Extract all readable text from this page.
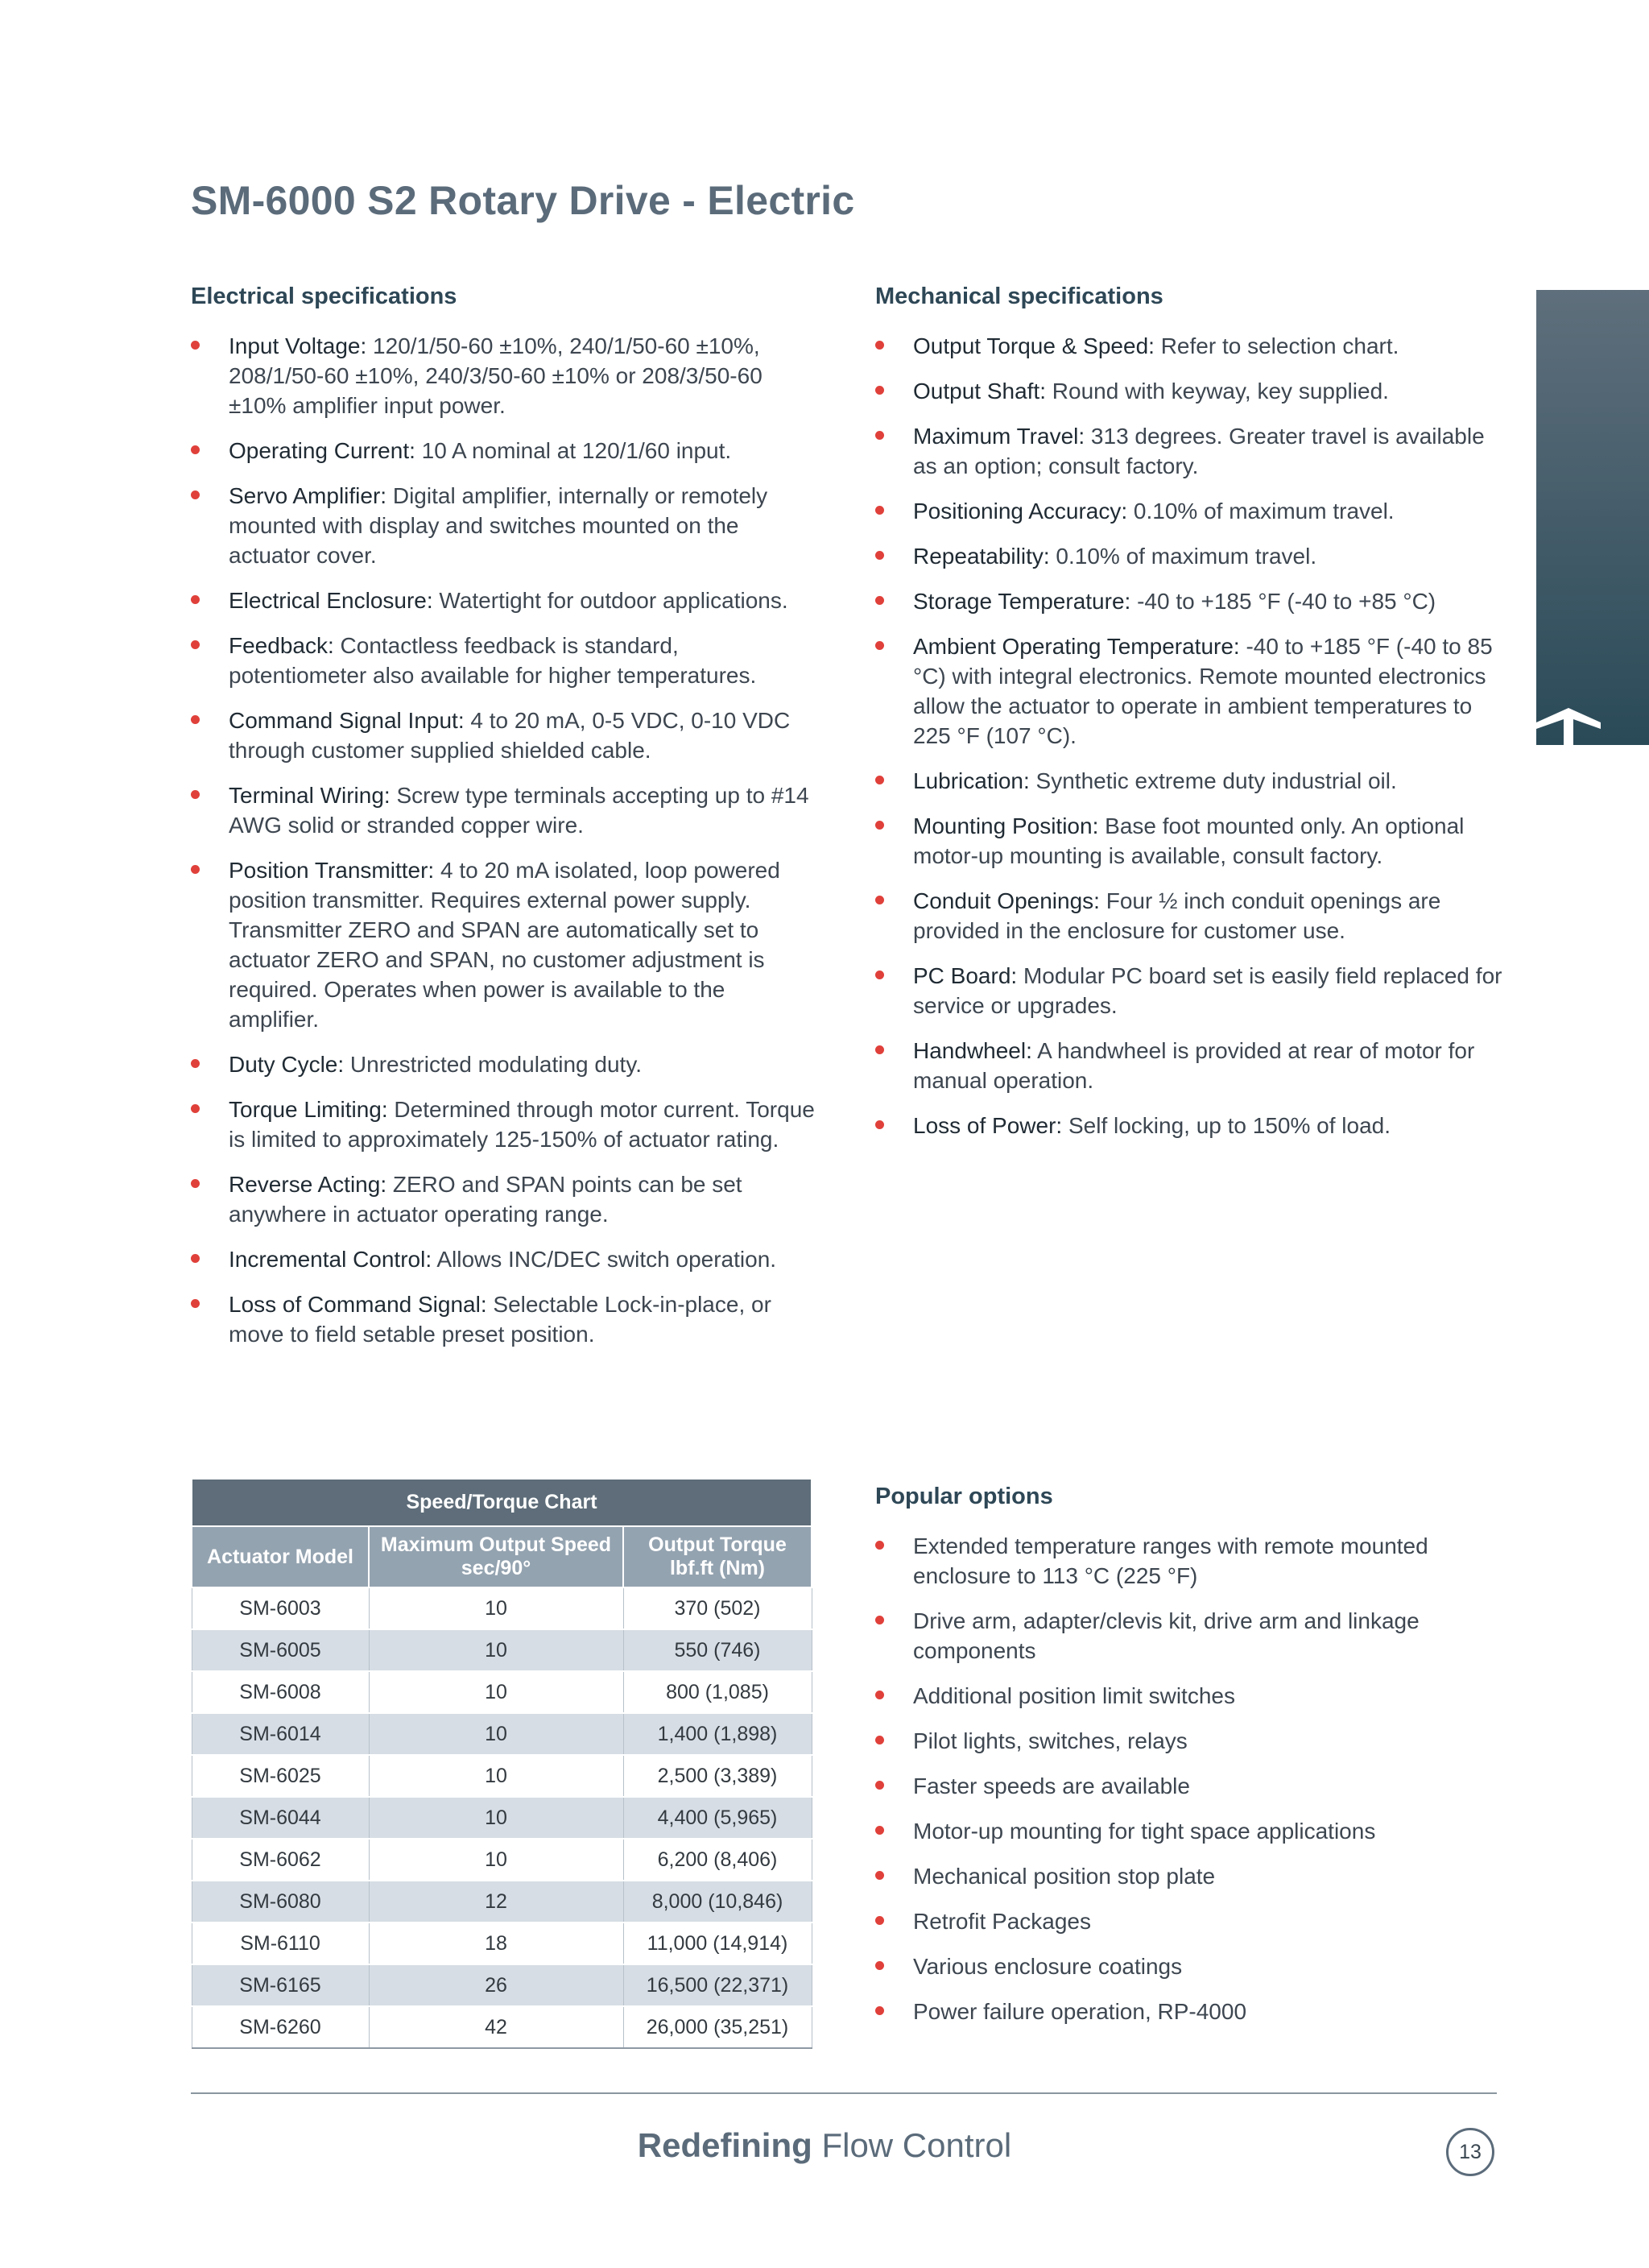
SM-6000 S2 Rotary Drive - Electric
Electrical specifications
Input Voltage: 120/1/50-60 ±10%, 240/1/50-60 ±10%, 208/1/50-60 ±10%, 240/3/50-60 ±10% or 208/3/50-60 ±10% amplifier input power.
Operating Current: 10 A nominal at 120/1/60 input.
Servo Amplifier: Digital amplifier, internally or remotely mounted with display and switches mounted on the actuator cover.
Electrical Enclosure: Watertight for outdoor applications.
Feedback: Contactless feedback is standard, potentiometer also available for higher temperatures.
Command Signal Input: 4 to 20 mA, 0-5 VDC, 0-10 VDC through customer supplied shielded cable.
Terminal Wiring: Screw type terminals accepting up to #14 AWG solid or stranded copper wire.
Position Transmitter: 4 to 20 mA isolated, loop powered position transmitter. Requires external power supply. Transmitter ZERO and SPAN are automatically set to actuator ZERO and SPAN, no customer adjustment is required. Operates when power is available to the amplifier.
Duty Cycle: Unrestricted modulating duty.
Torque Limiting: Determined through motor current. Torque is limited to approximately 125-150% of actuator rating.
Reverse Acting: ZERO and SPAN points can be set anywhere in actuator operating range.
Incremental Control: Allows INC/DEC switch operation.
Loss of Command Signal: Selectable Lock-in-place, or move to field setable preset position.
Mechanical specifications
Output Torque & Speed: Refer to selection chart.
Output Shaft: Round with keyway, key supplied.
Maximum Travel: 313 degrees. Greater travel is available as an option; consult factory.
Positioning Accuracy: 0.10% of maximum travel.
Repeatability: 0.10% of maximum travel.
Storage Temperature: -40 to +185 °F (-40 to +85 °C)
Ambient Operating Temperature: -40 to +185 °F (-40 to 85 °C) with integral electronics. Remote mounted electronics allow the actuator to operate in ambient temperatures to 225 °F (107 °C).
Lubrication: Synthetic extreme duty industrial oil.
Mounting Position: Base foot mounted only. An optional motor-up mounting is available, consult factory.
Conduit Openings: Four ½ inch conduit openings are provided in the enclosure for customer use.
PC Board: Modular PC board set is easily field replaced for service or upgrades.
Handwheel: A handwheel is provided at rear of motor for manual operation.
Loss of Power: Self locking, up to 150% of load.
Speed/Torque Chart		
Actuator Model	Maximum Output Speed sec/90°	Output Torque lbf.ft (Nm)
SM-6003	10	370 (502)
SM-6005	10	550 (746)
SM-6008	10	800 (1,085)
SM-6014	10	1,400 (1,898)
SM-6025	10	2,500 (3,389)
SM-6044	10	4,400 (5,965)
SM-6062	10	6,200 (8,406)
SM-6080	12	8,000 (10,846)
SM-6110	18	11,000 (14,914)
SM-6165	26	16,500 (22,371)
SM-6260	42	26,000 (35,251)
Popular options
Extended temperature ranges with remote mounted enclosure to 113 °C (225 °F)
Drive arm, adapter/clevis kit, drive arm and linkage components
Additional position limit switches
Pilot lights, switches, relays
Faster speeds are available
Motor-up mounting for tight space applications
Mechanical position stop plate
Retrofit Packages
Various enclosure coatings
Power failure operation, RP-4000
Redefining Flow Control	13
